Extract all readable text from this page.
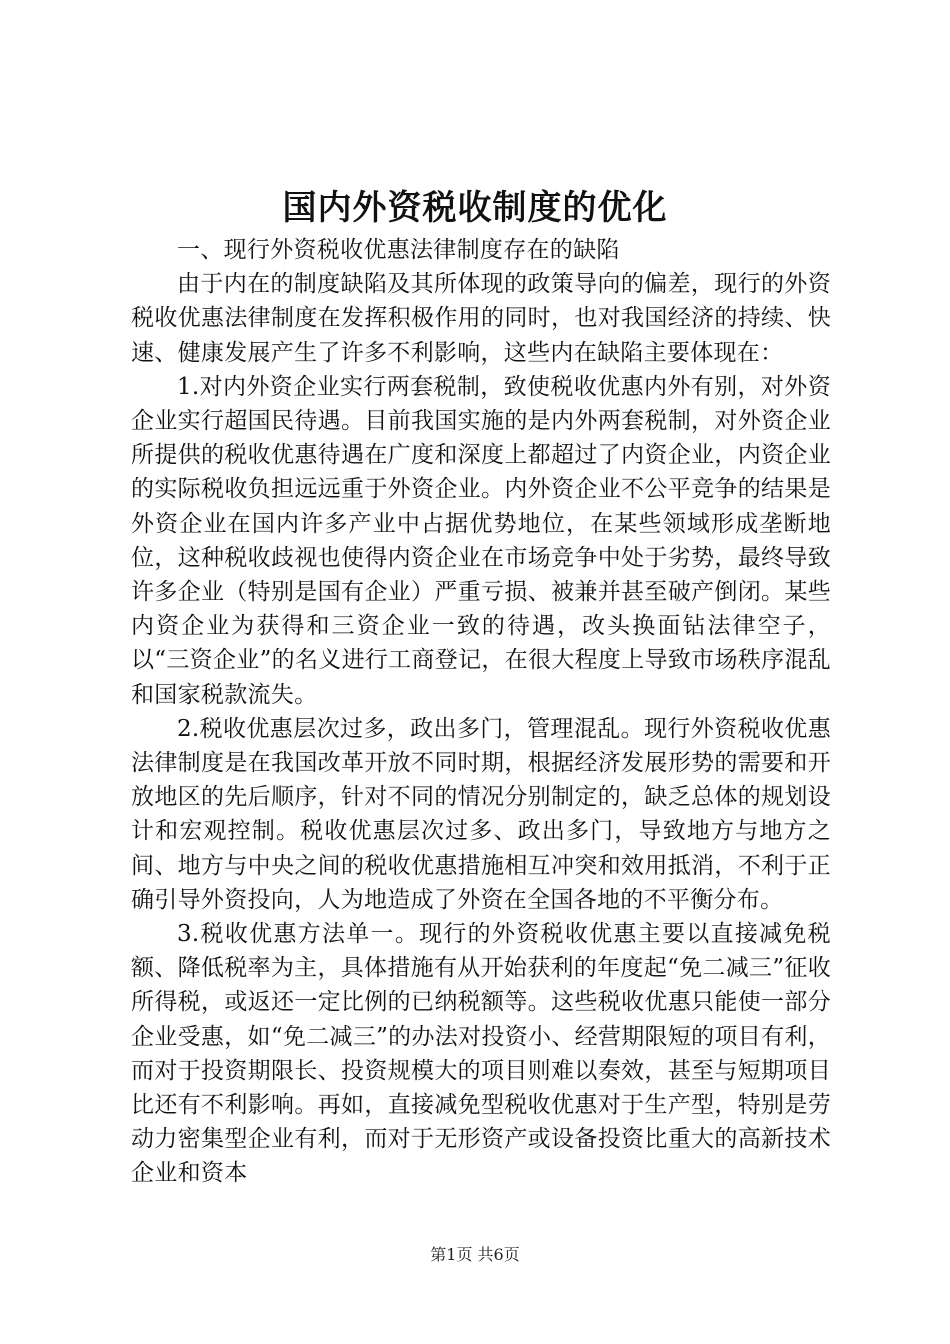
国内外资税收制度的优化

一、现行外资税收优惠法律制度存在的缺陷

由于内在的制度缺陷及其所体现的政策导向的偏差，现行的外资税收优惠法律制度在发挥积极作用的同时，也对我国经济的持续、快速、健康发展产生了许多不利影响，这些内在缺陷主要体现在：

1.对内外资企业实行两套税制，致使税收优惠内外有别，对外资企业实行超国民待遇。目前我国实施的是内外两套税制，对外资企业所提供的税收优惠待遇在广度和深度上都超过了内资企业，内资企业的实际税收负担远远重于外资企业。内外资企业不公平竞争的结果是外资企业在国内许多产业中占据优势地位，在某些领域形成垄断地位，这种税收歧视也使得内资企业在市场竞争中处于劣势，最终导致许多企业（特别是国有企业）严重亏损、被兼并甚至破产倒闭。某些内资企业为获得和三资企业一致的待遇，改头换面钻法律空子，以“三资企业”的名义进行工商登记，在很大程度上导致市场秩序混乱和国家税款流失。

2.税收优惠层次过多，政出多门，管理混乱。现行外资税收优惠法律制度是在我国改革开放不同时期，根据经济发展形势的需要和开放地区的先后顺序，针对不同的情况分别制定的，缺乏总体的规划设计和宏观控制。税收优惠层次过多、政出多门，导致地方与地方之间、地方与中央之间的税收优惠措施相互冲突和效用抵消，不利于正确引导外资投向，人为地造成了外资在全国各地的不平衡分布。

3.税收优惠方法单一。现行的外资税收优惠主要以直接减免税额、降低税率为主，具体措施有从开始获利的年度起“免二减三”征收所得税，或返还一定比例的已纳税额等。这些税收优惠只能使一部分企业受惠，如“免二减三”的办法对投资小、经营期限短的项目有利，而对于投资期限长、投资规模大的项目则难以奏效，甚至与短期项目比还有不利影响。再如，直接减免型税收优惠对于生产型，特别是劳动力密集型企业有利，而对于无形资产或设备投资比重大的高新技术企业和资本

第1页 共6页
